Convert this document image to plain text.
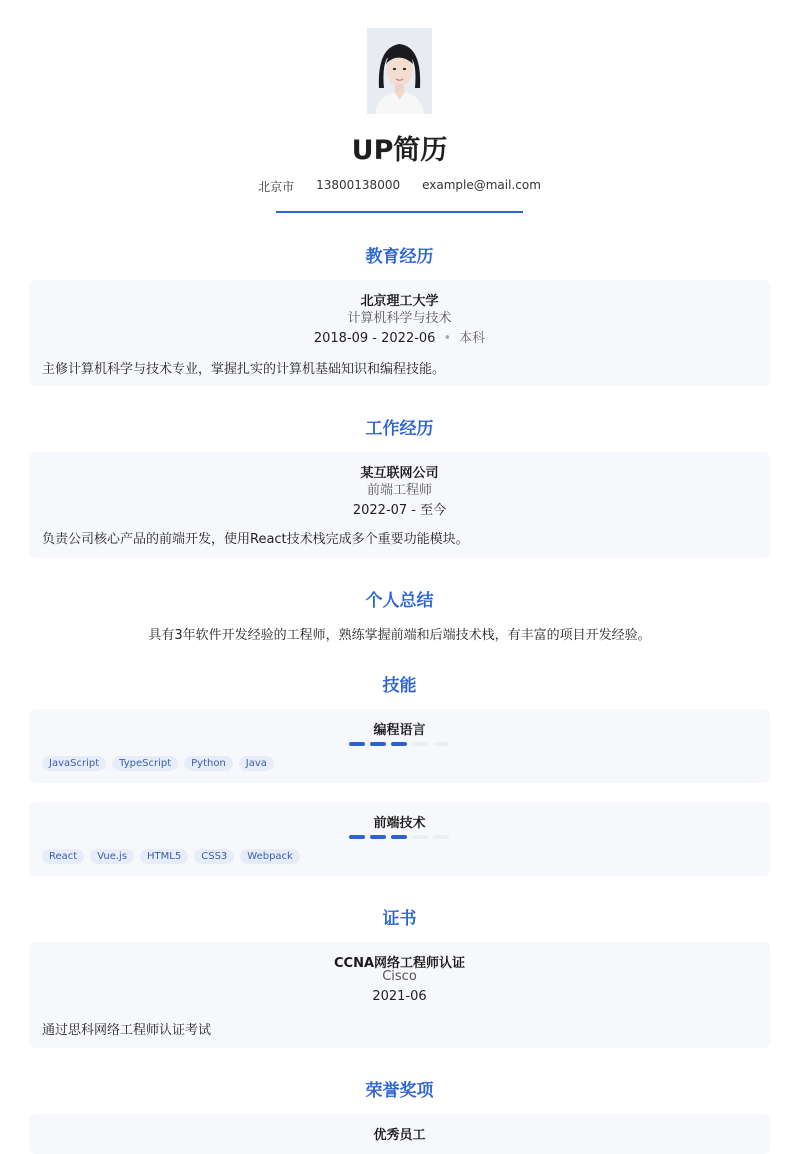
UP简历
北京市 13800138000 example@mail.com
教育经历
北京理工大学
计算机科学与技术
2018-09 - 2022-06 • 本科
主修计算机科学与技术专业，掌握扎实的计算机基础知识和编程技能。
工作经历
某互联网公司
前端工程师
2022-07 - 至今
负责公司核心产品的前端开发，使用React技术栈完成多个重要功能模块。
个人总结
具有3年软件开发经验的工程师，熟练掌握前端和后端技术栈，有丰富的项目开发经验。
技能
编程语言
JavaScript	TypeScript	Python	Java
前端技术
React	Vue.js	HTML5	CSS3	Webpack
证书
CCNA网络工程师认证
Cisco
2021-06
通过思科网络工程师认证考试
荣誉奖项
优秀员工
